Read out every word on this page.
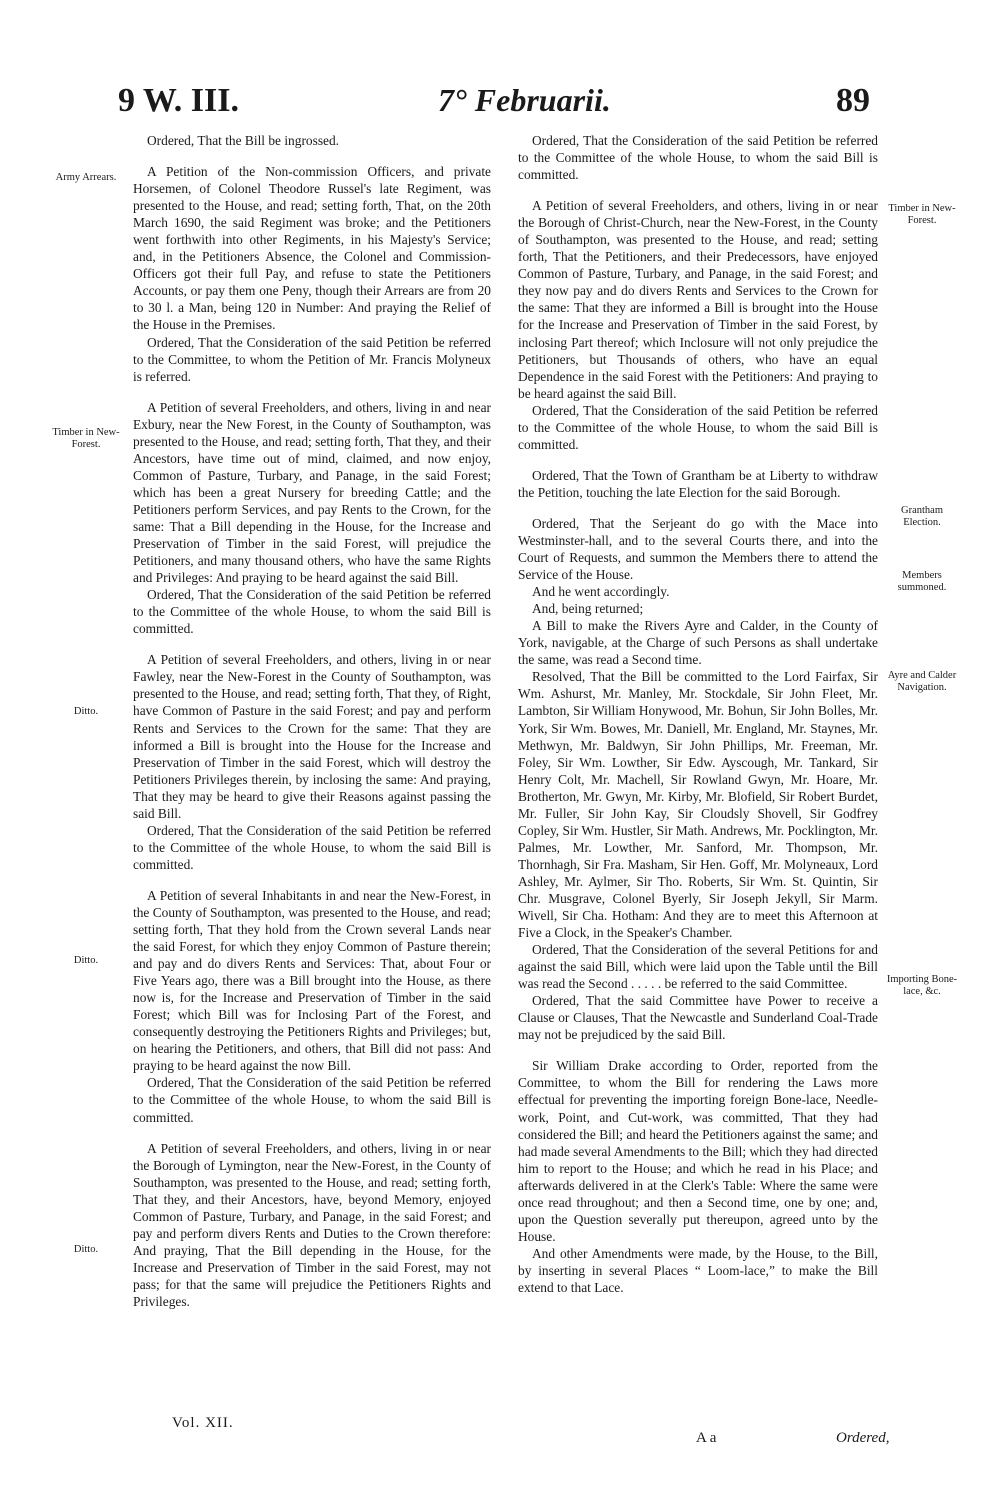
9 W. III.	7° Februarii.	89
Army Arrears.
Timber in New-Forest.
Ditto.
Ditto.
Ditto.
Timber in New-Forest.
Grantham Election.
Members summoned.
Ayre and Calder Navigation.
Importing Bone-lace, &c.

Ordered, That the Bill be ingrossed.

A Petition of the Non-commission Officers, and private Horsemen, of Colonel Theodore Russel's late Regiment, was presented to the House, and read; setting forth, That, on the 20th March 1690, the said Regiment was broke; and the Petitioners went forthwith into other Regiments, in his Majesty's Service; and, in the Petitioners Absence, the Colonel and Commission-Officers got their full Pay, and refuse to state the Petitioners Accounts, or pay them one Peny, though their Arrears are from 20 to 30 l. a Man, being 120 in Number: And praying the Relief of the House in the Premises.

Ordered, That the Consideration of the said Petition be referred to the Committee, to whom the Petition of Mr. Francis Molyneux is referred.

A Petition of several Freeholders, and others, living in and near Exbury, near the New Forest, in the County of Southampton, was presented to the House, and read; setting forth, That they, and their Ancestors, have time out of mind, claimed, and now enjoy, Common of Pasture, Turbary, and Panage, in the said Forest; which has been a great Nursery for breeding Cattle; and the Petitioners perform Services, and pay Rents to the Crown, for the same: That a Bill depending in the House, for the Increase and Preservation of Timber in the said Forest, will prejudice the Petitioners, and many thousand others, who have the same Rights and Privileges: And praying to be heard against the said Bill.

Ordered, That the Consideration of the said Petition be referred to the Committee of the whole House, to whom the said Bill is committed.

A Petition of several Freeholders, and others, living in or near Fawley, near the New-Forest in the County of Southampton, was presented to the House, and read; setting forth, That they, of Right, have Common of Pasture in the said Forest; and pay and perform Rents and Services to the Crown for the same: That they are informed a Bill is brought into the House for the Increase and Preservation of Timber in the said Forest, which will destroy the Petitioners Privileges therein, by inclosing the same: And praying, That they may be heard to give their Reasons against passing the said Bill.

Ordered, That the Consideration of the said Petition be referred to the Committee of the whole House, to whom the said Bill is committed.

A Petition of several Inhabitants in and near the New-Forest, in the County of Southampton, was presented to the House, and read; setting forth, That they hold from the Crown several Lands near the said Forest, for which they enjoy Common of Pasture therein; and pay and do divers Rents and Services: That, about Four or Five Years ago, there was a Bill brought into the House, as there now is, for the Increase and Preservation of Timber in the said Forest; which Bill was for Inclosing Part of the Forest, and consequently destroying the Petitioners Rights and Privileges; but, on hearing the Petitioners, and others, that Bill did not pass: And praying to be heard against the now Bill.

Ordered, That the Consideration of the said Petition be referred to the Committee of the whole House, to whom the said Bill is committed.

A Petition of several Freeholders, and others, living in or near the Borough of Lymington, near the New-Forest, in the County of Southampton, was presented to the House, and read; setting forth, That they, and their Ancestors, have, beyond Memory, enjoyed Common of Pasture, Turbary, and Panage, in the said Forest; and pay and perform divers Rents and Duties to the Crown therefore: And praying, That the Bill depending in the House, for the Increase and Preservation of Timber in the said Forest, may not pass; for that the same will prejudice the Petitioners Rights and Privileges.

Ordered, That the Consideration of the said Petition be referred to the Committee of the whole House, to whom the said Bill is committed.

A Petition of several Freeholders, and others, living in or near the Borough of Christ-Church, near the New-Forest, in the County of Southampton, was presented to the House, and read; setting forth, That the Petitioners, and their Predecessors, have enjoyed Common of Pasture, Turbary, and Panage, in the said Forest; and they now pay and do divers Rents and Services to the Crown for the same: That they are informed a Bill is brought into the House for the Increase and Preservation of Timber in the said Forest, by inclosing Part thereof; which Inclosure will not only prejudice the Petitioners, but Thousands of others, who have an equal Dependence in the said Forest with the Petitioners: And praying to be heard against the said Bill.

Ordered, That the Consideration of the said Petition be referred to the Committee of the whole House, to whom the said Bill is committed.

Ordered, That the Town of Grantham be at Liberty to withdraw the Petition, touching the late Election for the said Borough.

Ordered, That the Serjeant do go with the Mace into Westminster-hall, and to the several Courts there, and into the Court of Requests, and summon the Members there to attend the Service of the House.

And he went accordingly.

And, being returned;

A Bill to make the Rivers Ayre and Calder, in the County of York, navigable, at the Charge of such Persons as shall undertake the same, was read a Second time.

Resolved, That the Bill be committed to the Lord Fairfax, Sir Wm. Ashurst, Mr. Manley, Mr. Stockdale, Sir John Fleet, Mr. Lambton, Sir William Honywood, Mr. Bohun, Sir John Bolles, Mr. York, Sir Wm. Bowes, Mr. Daniell, Mr. England, Mr. Staynes, Mr. Methwyn, Mr. Baldwyn, Sir John Phillips, Mr. Freeman, Mr. Foley, Sir Wm. Lowther, Sir Edw. Ayscough, Mr. Tankard, Sir Henry Colt, Mr. Machell, Sir Rowland Gwyn, Mr. Hoare, Mr. Brotherton, Mr. Gwyn, Mr. Kirby, Mr. Blofield, Sir Robert Burdet, Mr. Fuller, Sir John Kay, Sir Cloudsly Shovell, Sir Godfrey Copley, Sir Wm. Hustler, Sir Math. Andrews, Mr. Pocklington, Mr. Palmes, Mr. Lowther, Mr. Sanford, Mr. Thompson, Mr. Thornhagh, Sir Fra. Masham, Sir Hen. Goff, Mr. Molyneaux, Lord Ashley, Mr. Aylmer, Sir Tho. Roberts, Sir Wm. St. Quintin, Sir Chr. Musgrave, Colonel Byerly, Sir Joseph Jekyll, Sir Marm. Wivell, Sir Cha. Hotham: And they are to meet this Afternoon at Five a Clock, in the Speaker's Chamber.

Ordered, That the Consideration of the several Petitions for and against the said Bill, which were laid upon the Table until the Bill was read the Second . . . . . be referred to the said Committee.

Ordered, That the said Committee have Power to receive a Clause or Clauses, That the Newcastle and Sunderland Coal-Trade may not be prejudiced by the said Bill.

Sir William Drake according to Order, reported from the Committee, to whom the Bill for rendering the Laws more effectual for preventing the importing foreign Bone-lace, Needle-work, Point, and Cut-work, was committed, That they had considered the Bill; and heard the Petitioners against the same; and had made several Amendments to the Bill; which they had directed him to report to the House; and which he read in his Place; and afterwards delivered in at the Clerk's Table: Where the same were once read throughout; and then a Second time, one by one; and, upon the Question severally put thereupon, agreed unto by the House.

And other Amendments were made, by the House, to the Bill, by inserting in several Places “ Loom-lace,” to make the Bill extend to that Lace.

Vol. XII.
A a	Ordered,
